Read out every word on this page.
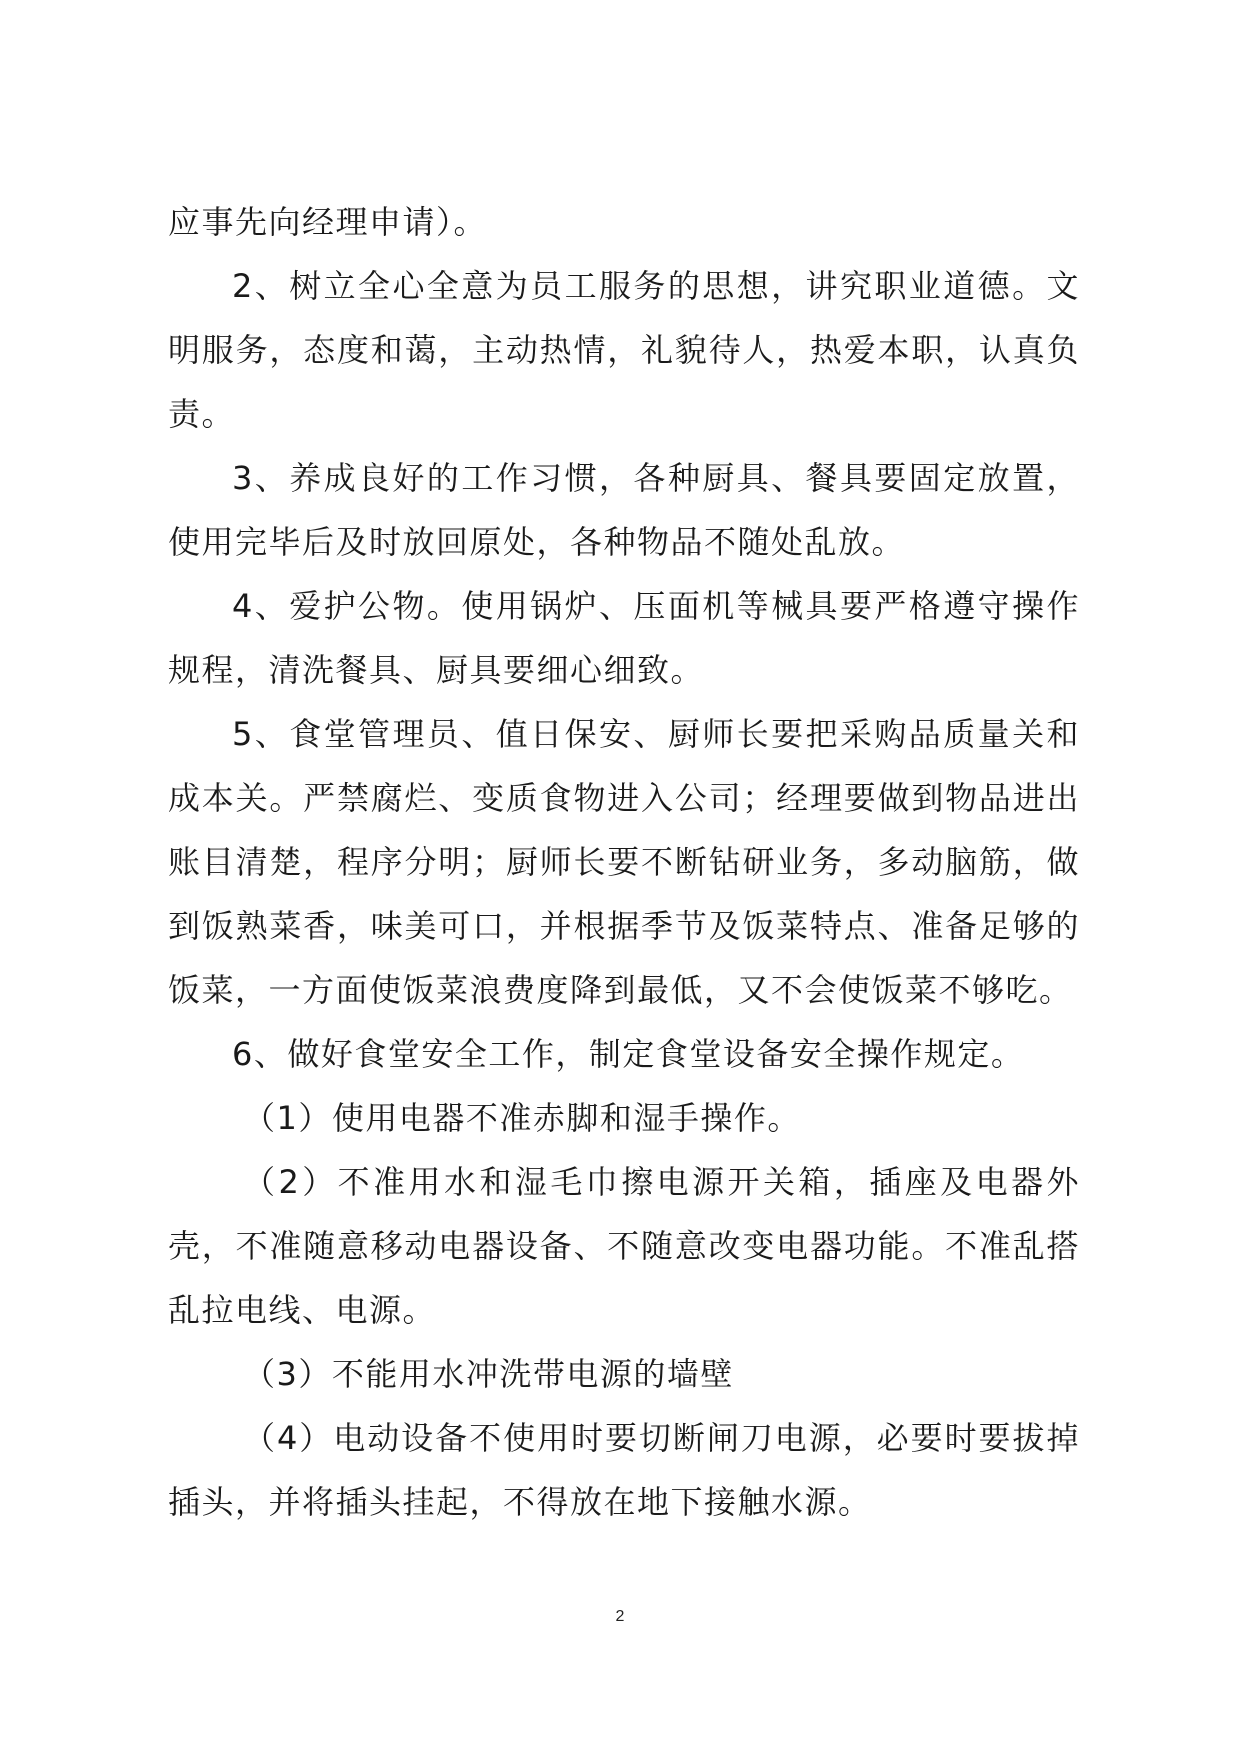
应事先向经理申请）。

2、树立全心全意为员工服务的思想，讲究职业道德。文明服务，态度和蔼，主动热情，礼貌待人，热爱本职，认真负责。

3、养成良好的工作习惯，各种厨具、餐具要固定放置，使用完毕后及时放回原处，各种物品不随处乱放。

4、爱护公物。使用锅炉、压面机等械具要严格遵守操作规程，清洗餐具、厨具要细心细致。

5、食堂管理员、值日保安、厨师长要把采购品质量关和成本关。严禁腐烂、变质食物进入公司；经理要做到物品进出账目清楚，程序分明；厨师长要不断钻研业务，多动脑筋，做到饭熟菜香，味美可口，并根据季节及饭菜特点、准备足够的饭菜，一方面使饭菜浪费度降到最低，又不会使饭菜不够吃。

6、做好食堂安全工作，制定食堂设备安全操作规定。

（1）使用电器不准赤脚和湿手操作。

（2）不准用水和湿毛巾擦电源开关箱，插座及电器外壳，不准随意移动电器设备、不随意改变电器功能。不准乱搭乱拉电线、电源。

（3）不能用水冲洗带电源的墙壁

（4）电动设备不使用时要切断闸刀电源，必要时要拔掉插头，并将插头挂起，不得放在地下接触水源。

2
